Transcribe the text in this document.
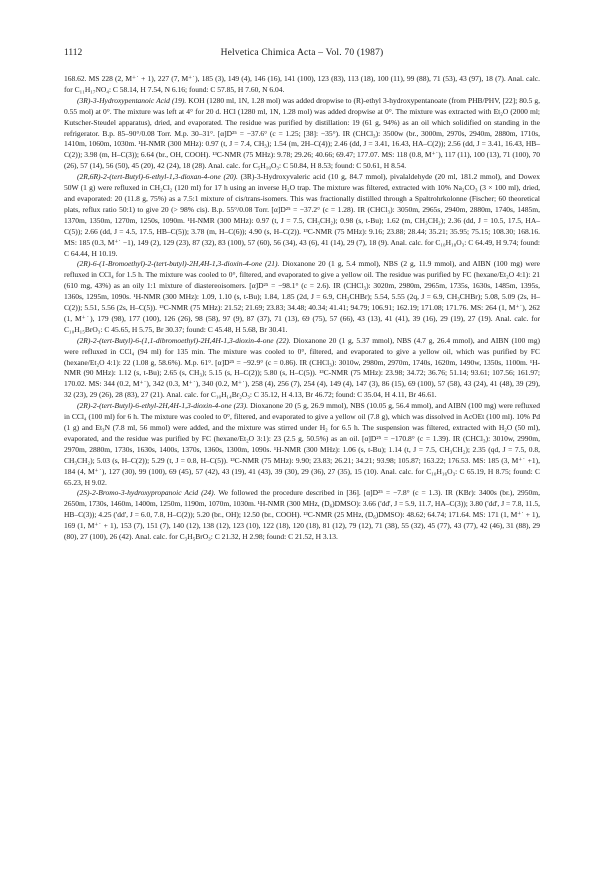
1112	Helvetica Chimica Acta – Vol. 70 (1987)

168.62. MS 228 (2, M⁺˙ + 1), 227 (7, M⁺˙), 185 (3), 149 (4), 146 (16), 141 (100), 123 (83), 113 (18), 100 (11), 99 (88), 71 (53), 43 (97), 18 (7). Anal. calc. for C₁₁H₁₇NO₄: C 58.14, H 7.54, N 6.16; found: C 57.85, H 7.60, N 6.04.

(3R)-3-Hydroxypentanoic Acid (19). KOH (1280 ml, 1N, 1.28 mol) was added dropwise to (R)-ethyl 3-hydroxypentanoate (from PHB/PHV, [22]; 80.5 g, 0.55 mol) at 0°. The mixture was left at 4° for 20 d. HCl (1280 ml, 1N, 1.28 mol) was added dropwise at 0°. The mixture was extracted with Et₂O (2000 ml; Kutscher-Steudel apparatus), dried, and evaporated. The residue was purified by distillation: 19 (61 g, 94%) as an oil which solidified on standing in the refrigerator. B.p. 85–90°/0.08 Torr. M.p. 30–31°. [α]D²⁵ = −37.6° (c = 1.25; [38]: −35°). IR (CHCl₃): 3500w (br., 3000m, 2970s, 2940m, 2880m, 1710s, 1410m, 1060m, 1030m. ¹H-NMR (300 MHz): 0.97 (t, J = 7.4, CH₃); 1.54 (m, 2H–C(4)); 2.46 (dd, J = 3.41, 16.43, HA–C(2)); 2.56 (dd, J = 3.41, 16.43, HB–C(2)); 3.98 (m, H–C(3)); 6.64 (br., OH, COOH). ¹³C-NMR (75 MHz): 9.78; 29.26; 40.66; 69.47; 177.07. MS: 118 (0.8, M⁺˙), 117 (11), 100 (13), 71 (100), 70 (26), 57 (14), 56 (50), 45 (20), 42 (24), 18 (28). Anal. calc. for C₅H₁₀O₃: C 50.84, H 8.53; found: C 50.61, H 8.54.

(2R,6R)-2-(tert-Butyl)-6-ethyl-1,3-dioxan-4-one (20). (3R)-3-Hydroxyvaleric acid (10 g, 84.7 mmol), pivalaldehyde (20 ml, 181.2 mmol), and Dowex 50W (1 g) were refluxed in CH₂Cl₂ (120 ml) for 17 h using an inverse H₂O trap. The mixture was filtered, extracted with 10% Na₂CO₃ (3 × 100 ml), dried, and evaporated: 20 (11.8 g, 75%) as a 7.5:1 mixture of cis/trans-isomers. This was fractionally distilled through a Spaltrohrkolonne (Fischer; 60 theoretical plats, reflux ratio 50:1) to give 20 (> 98% cis). B.p. 55°/0.08 Torr. [α]D²⁵ = −37.2° (c = 1.28). IR (CHCl₃): 3050m, 2965s, 2940m, 2880m, 1740s, 1485m, 1370m, 1350m, 1270m, 1250s, 1090m. ¹H-NMR (300 MHz): 0.97 (t, J = 7.5, CH₃CH₂); 0.98 (s, t-Bu); 1.62 (m, CH₃CH₂); 2.36 (dd, J = 10.5, 17.5, HA–C(5)); 2.66 (dd, J = 4.5, 17.5, HB–C(5)); 3.78 (m, H–C(6)); 4.90 (s, H–C(2)). ¹³C-NMR (75 MHz): 9.16; 23.88; 28.44; 35.21; 35.95; 75.15; 108.30; 168.16. MS: 185 (0.3, M⁺˙ −1), 149 (2), 129 (23), 87 (32), 83 (100), 57 (60), 56 (34), 43 (6), 41 (14), 29 (7), 18 (9). Anal. calc. for C₁₀H₁₈O₃: C 64.49, H 9.74; found: C 64.44, H 10.19.

(2R)-6-(1-Bromoethyl)-2-(tert-butyl)-2H,4H-1,3-dioxin-4-one (21). Dioxanone 20 (1 g, 5.4 mmol), NBS (2 g, 11.9 mmol), and AIBN (100 mg) were refluxed in CCl₄ for 1.5 h. The mixture was cooled to 0°, filtered, and evaporated to give a yellow oil. The residue was purified by FC (hexane/Et₂O 4:1): 21 (610 mg, 43%) as an oily 1:1 mixture of diastereoisomers. [α]D²⁵ = −98.1° (c = 2.6). IR (CHCl₃): 3020m, 2980m, 2965m, 1735s, 1630s, 1485m, 1395s, 1360s, 1295m, 1090s. ¹H-NMR (300 MHz): 1.09, 1.10 (s, t-Bu); 1.84, 1.85 (2d, J = 6.9, CH₃CHBr); 5.54, 5.55 (2q, J = 6.9, CH₃CHBr); 5.08, 5.09 (2s, H–C(2)); 5.51, 5.56 (2s, H–C(5)). ¹³C-NMR (75 MHz): 21.52; 21.69; 23.83; 34.48; 40.34; 41.41; 94.79; 106.91; 162.19; 171.08; 171.76. MS: 264 (1, M⁺˙), 262 (1, M⁺˙), 179 (98), 177 (100), 126 (26), 98 (58), 97 (9), 87 (37), 71 (13), 69 (75), 57 (66), 43 (13), 41 (41), 39 (16), 29 (19), 27 (19). Anal. calc. for C₁₀H₁₅BrO₃: C 45.65, H 5.75, Br 30.37; found: C 45.48, H 5.68, Br 30.41.

(2R)-2-(tert-Butyl)-6-(1,1-dibromoethyl)-2H,4H-1,3-dioxin-4-one (22). Dioxanone 20 (1 g, 5.37 mmol), NBS (4.7 g, 26.4 mmol), and AIBN (100 mg) were refluxed in CCl₄ (94 ml) for 135 min. The mixture was cooled to 0°, filtered, and evaporated to give a yellow oil, which was purified by FC (hexane/Et₂O 4:1): 22 (1.08 g, 58.6%). M.p. 61°. [α]D²⁵ = −92.9° (c = 0.86). IR (CHCl₃): 3010w, 2980m, 2970m, 1740s, 1620m, 1490w, 1350s, 1100m. ¹H-NMR (90 MHz): 1.12 (s, t-Bu); 2.65 (s, CH₃); 5.15 (s, H–C(2)); 5.80 (s, H–C(5)). ¹³C-NMR (75 MHz): 23.98; 34.72; 36.76; 51.14; 93.61; 107.56; 161.97; 170.02. MS: 344 (0.2, M⁺˙), 342 (0.3, M⁺˙), 340 (0.2, M⁺˙), 258 (4), 256 (7), 254 (4), 149 (4), 147 (3), 86 (15), 69 (100), 57 (58), 43 (24), 41 (48), 39 (29), 32 (23), 29 (26), 28 (83), 27 (21). Anal. calc. for C₁₀H₁₄Br₂O₃: C 35.12, H 4.13, Br 46.72; found: C 35.04, H 4.11, Br 46.61.

(2R)-2-(tert-Butyl)-6-ethyl-2H,4H-1,3-dioxin-4-one (23). Dioxanone 20 (5 g, 26.9 mmol), NBS (10.05 g, 56.4 mmol), and AIBN (100 mg) were refluxed in CCl₄ (100 ml) for 6 h. The mixture was cooled to 0°, filtered, and evaporated to give a yellow oil (7.8 g), which was dissolved in AcOEt (100 ml). 10% Pd (1 g) and Et₃N (7.8 ml, 56 mmol) were added, and the mixture was stirred under H₂ for 6.5 h. The suspension was filtered, extracted with H₂O (50 ml), evaporated, and the residue was purified by FC (hexane/Et₂O 3:1): 23 (2.5 g, 50.5%) as an oil. [α]D²⁵ = −170.8° (c = 1.39). IR (CHCl₃): 3010w, 2990m, 2970m, 2880m, 1730s, 1630s, 1400s, 1370s, 1360s, 1300m, 1090s. ¹H-NMR (300 MHz): 1.06 (s, t-Bu); 1.14 (t, J = 7.5, CH₃CH₂); 2.35 (qd, J = 7.5, 0.8, CH₃CH₂); 5.03 (s, H–C(2)); 5.29 (t, J = 0.8, H–C(5)). ¹³C-NMR (75 MHz): 9.90; 23.83; 26.21; 34.21; 93.98; 105.87; 163.22; 176.53. MS: 185 (3, M⁺˙ +1), 184 (4, M⁺˙), 127 (30), 99 (100), 69 (45), 57 (42), 43 (19), 41 (43), 39 (30), 29 (36), 27 (35), 15 (10). Anal. calc. for C₁₀H₁₆O₃: C 65.19, H 8.75; found: C 65.23, H 9.02.

(2S)-2-Bromo-3-hydroxypropanoic Acid (24). We followed the procedure described in [36]. [α]D²⁵ = −7.8° (c = 1.3). IR (KBr): 3400s (br.), 2950m, 2650m, 1730s, 1460m, 1400m, 1250m, 1190m, 1070m, 1030m. ¹H-NMR (300 MHz, (D₆)DMSO): 3.66 ('dd', J = 5.9, 11.7, HA–C(3)); 3.80 ('dd', J = 7.8, 11.5, HB–C(3)); 4.25 ('dd', J = 6.0, 7.8, H–C(2)); 5.20 (br., OH); 12.50 (br., COOH). ¹³C-NMR (25 MHz, (D₆)DMSO): 48.62; 64.74; 171.64. MS: 171 (1, M⁺˙ + 1), 169 (1, M⁺˙ + 1), 153 (7), 151 (7), 140 (12), 138 (12), 123 (10), 122 (18), 120 (18), 81 (12), 79 (12), 71 (38), 55 (32), 45 (77), 43 (77), 42 (46), 31 (88), 29 (80), 27 (100), 26 (42). Anal. calc. for C₃H₅BrO₃: C 21.32, H 2.98; found: C 21.52, H 3.13.
